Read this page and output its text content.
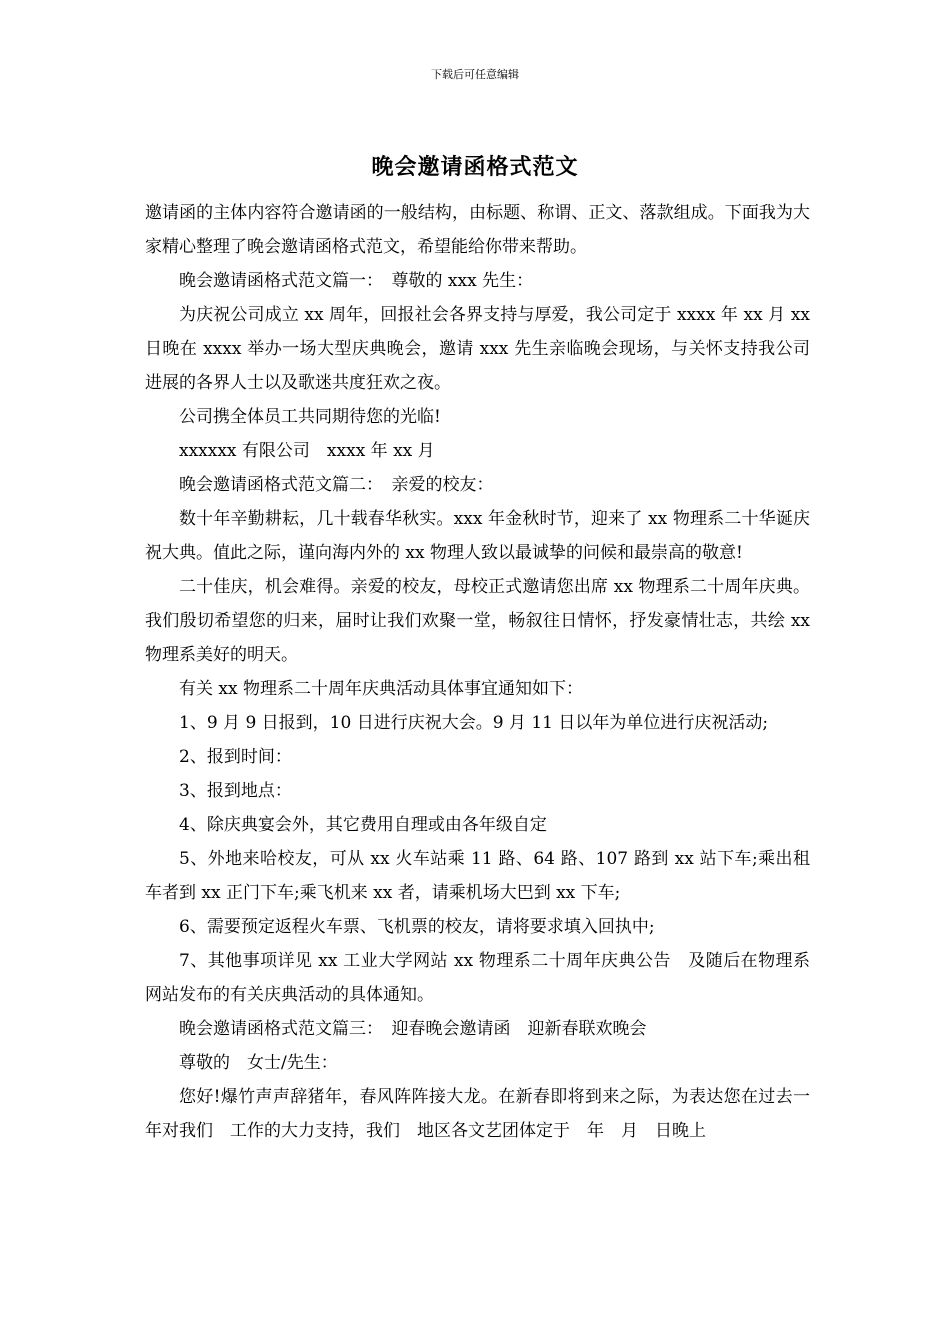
下载后可任意编辑
晚会邀请函格式范文

邀请函的主体内容符合邀请函的一般结构，由标题、称谓、正文、落款组成。下面我为大家精心整理了晚会邀请函格式范文，希望能给你带来帮助。

晚会邀请函格式范文篇一：　尊敬的 xxx 先生：

为庆祝公司成立 xx 周年，回报社会各界支持与厚爱，我公司定于 xxxx 年 xx 月 xx 日晚在 xxxx 举办一场大型庆典晚会，邀请 xxx 先生亲临晚会现场，与关怀支持我公司进展的各界人士以及歌迷共度狂欢之夜。

公司携全体员工共同期待您的光临!

xxxxxx 有限公司　xxxx 年 xx 月

晚会邀请函格式范文篇二：　亲爱的校友：

数十年辛勤耕耘，几十载春华秋实。xxx 年金秋时节，迎来了 xx 物理系二十华诞庆祝大典。值此之际，谨向海内外的 xx 物理人致以最诚挚的问候和最崇高的敬意!

二十佳庆，机会难得。亲爱的校友，母校正式邀请您出席 xx 物理系二十周年庆典。我们殷切希望您的归来，届时让我们欢聚一堂，畅叙往日情怀，抒发豪情壮志，共绘 xx 物理系美好的明天。

有关 xx 物理系二十周年庆典活动具体事宜通知如下：

1、9 月 9 日报到，10 日进行庆祝大会。9 月 11 日以年为单位进行庆祝活动;

2、报到时间：

3、报到地点：

4、除庆典宴会外，其它费用自理或由各年级自定

5、外地来哈校友，可从 xx 火车站乘 11 路、64 路、107 路到 xx 站下车;乘出租车者到 xx 正门下车;乘飞机来 xx 者，请乘机场大巴到 xx 下车;

6、需要预定返程火车票、飞机票的校友，请将要求填入回执中;

7、其他事项详见 xx 工业大学网站 xx 物理系二十周年庆典公告　及随后在物理系网站发布的有关庆典活动的具体通知。

晚会邀请函格式范文篇三：　迎春晚会邀请函　迎新春联欢晚会

尊敬的　女士/先生：

您好!爆竹声声辞猪年，春风阵阵接大龙。在新春即将到来之际，为表达您在过去一年对我们　工作的大力支持，我们　地区各文艺团体定于　年　月　日晚上
